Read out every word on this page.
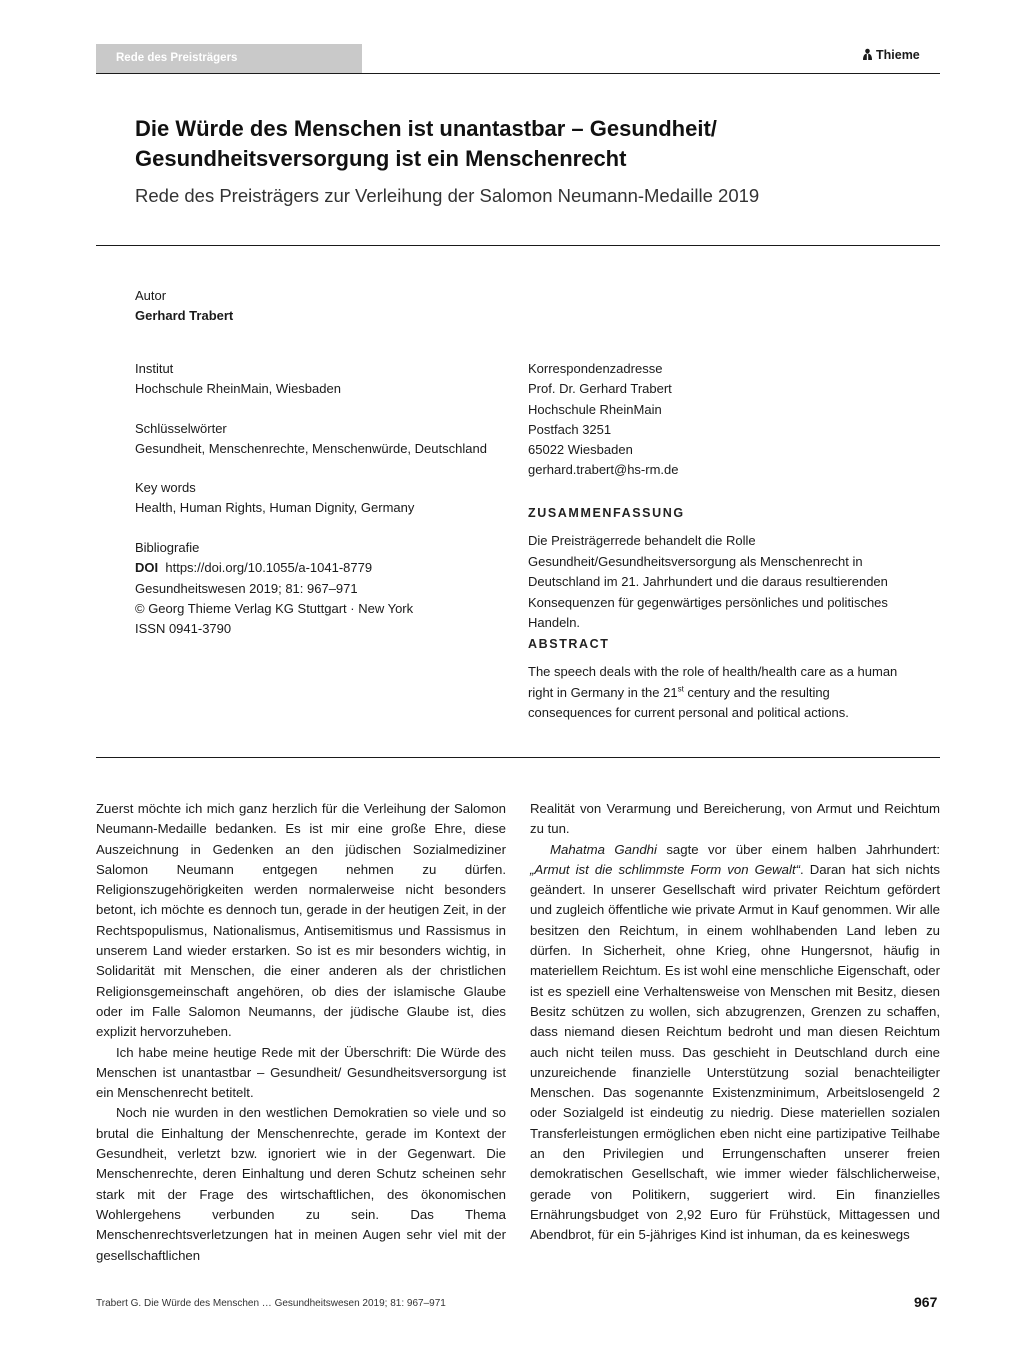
Rede des Preisträgers	Thieme
Die Würde des Menschen ist unantastbar – Gesundheit/
Gesundheitsversorgung ist ein Menschenrecht
Rede des Preisträgers zur Verleihung der Salomon Neumann-Medaille 2019
Autor
Gerhard Trabert
Institut
Hochschule RheinMain, Wiesbaden
Schlüsselwörter
Gesundheit, Menschenrechte, Menschenwürde, Deutschland
Key words
Health, Human Rights, Human Dignity, Germany
Bibliografie
DOI https://doi.org/10.1055/a-1041-8779
Gesundheitswesen 2019; 81: 967–971
© Georg Thieme Verlag KG Stuttgart · New York
ISSN 0941-3790
Korrespondenzadresse
Prof. Dr. Gerhard Trabert
Hochschule RheinMain
Postfach 3251
65022 Wiesbaden
gerhard.trabert@hs-rm.de
ZUSAMMENFASSUNG
Die Preisträgerrede behandelt die Rolle Gesundheit/Gesundheitsversorgung als Menschenrecht in Deutschland im 21. Jahrhundert und die daraus resultierenden Konsequenzen für gegenwärtiges persönliches und politisches Handeln.
ABSTRACT
The speech deals with the role of health/health care as a human right in Germany in the 21st century and the resulting consequences for current personal and political actions.

Zuerst möchte ich mich ganz herzlich für die Verleihung der Salomon Neumann-Medaille bedanken. Es ist mir eine große Ehre, diese Auszeichnung in Gedenken an den jüdischen Sozialmediziner Salomon Neumann entgegen nehmen zu dürfen. Religionszugehörigkeiten werden normalerweise nicht besonders betont, ich möchte es dennoch tun, gerade in der heutigen Zeit, in der Rechtspopulismus, Nationalismus, Antisemitismus und Rassismus in unserem Land wieder erstarken. So ist es mir besonders wichtig, in Solidarität mit Menschen, die einer anderen als der christlichen Religionsgemeinschaft angehören, ob dies der islamische Glaube oder im Falle Salomon Neumanns, der jüdische Glaube ist, dies explizit hervorzuheben.

Ich habe meine heutige Rede mit der Überschrift: Die Würde des Menschen ist unantastbar – Gesundheit/ Gesundheitsversorgung ist ein Menschenrecht betitelt.

Noch nie wurden in den westlichen Demokratien so viele und so brutal die Einhaltung der Menschenrechte, gerade im Kontext der Gesundheit, verletzt bzw. ignoriert wie in der Gegenwart. Die Menschenrechte, deren Einhaltung und deren Schutz scheinen sehr stark mit der Frage des wirtschaftlichen, des ökonomischen Wohlergehens verbunden zu sein. Das Thema Menschenrechtsverletzungen hat in meinen Augen sehr viel mit der gesellschaftlichen

Realität von Verarmung und Bereicherung, von Armut und Reichtum zu tun.

Mahatma Gandhi sagte vor über einem halben Jahrhundert: „Armut ist die schlimmste Form von Gewalt“. Daran hat sich nichts geändert. In unserer Gesellschaft wird privater Reichtum gefördert und zugleich öffentliche wie private Armut in Kauf genommen. Wir alle besitzen den Reichtum, in einem wohlhabenden Land leben zu dürfen. In Sicherheit, ohne Krieg, ohne Hungersnot, häufig in materiellem Reichtum. Es ist wohl eine menschliche Eigenschaft, oder ist es speziell eine Verhaltensweise von Menschen mit Besitz, diesen Besitz schützen zu wollen, sich abzugrenzen, Grenzen zu schaffen, dass niemand diesen Reichtum bedroht und man diesen Reichtum auch nicht teilen muss. Das geschieht in Deutschland durch eine unzureichende finanzielle Unterstützung sozial benachteiligter Menschen. Das sogenannte Existenzminimum, Arbeitslosengeld 2 oder Sozialgeld ist eindeutig zu niedrig. Diese materiellen sozialen Transferleistungen ermöglichen eben nicht eine partizipative Teilhabe an den Privilegien und Errungenschaften unserer freien demokratischen Gesellschaft, wie immer wieder fälschlicherweise, gerade von Politikern, suggeriert wird. Ein finanzielles Ernährungsbudget von 2,92 Euro für Frühstück, Mittagessen und Abendbrot, für ein 5-jähriges Kind ist inhuman, da es keineswegs

Trabert G. Die Würde des Menschen … Gesundheitswesen 2019; 81: 967–971	967
